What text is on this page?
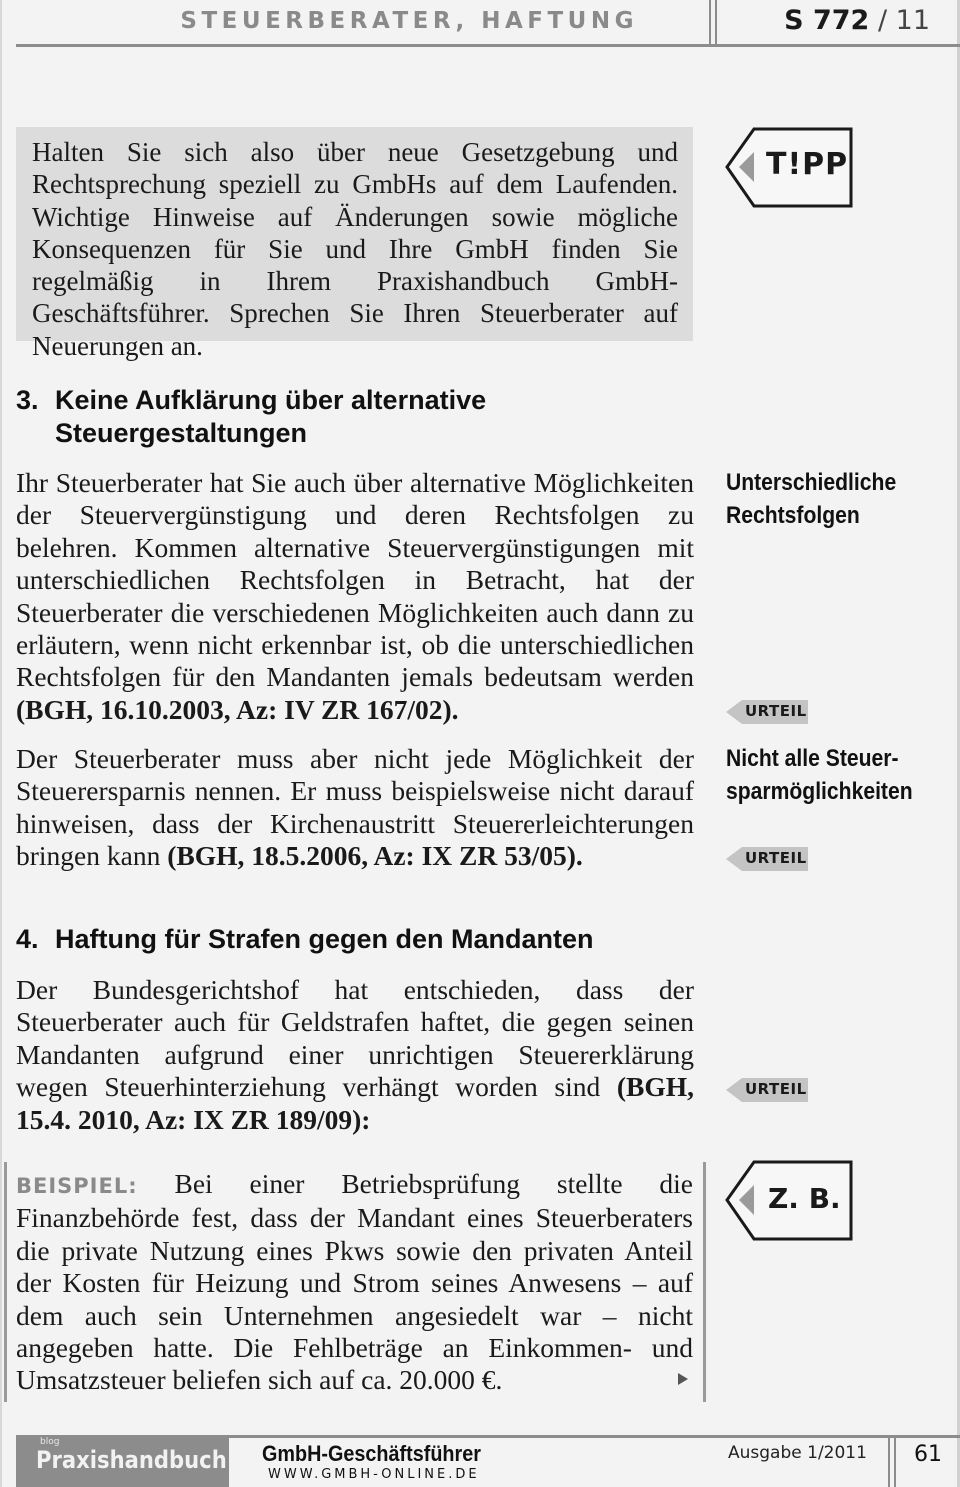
STEUERBERATER, HAFTUNG	S 772 / 11

Halten Sie sich also über neue Gesetzgebung und Rechtsprechung speziell zu GmbHs auf dem Laufenden. Wichtige Hinweise auf Änderungen sowie mögliche Konsequenzen für Sie und Ihre GmbH finden Sie regelmäßig in Ihrem Praxishandbuch GmbH-Geschäftsführer. Sprechen Sie Ihren Steuerberater auf Neuerungen an.

T!PP
3. Keine Aufklärung über alternative
Steuergestaltungen

Ihr Steuerberater hat Sie auch über alternative Möglichkeiten der Steuervergünstigung und deren Rechtsfolgen zu belehren. Kommen alternative Steuervergünstigungen mit unterschiedlichen Rechtsfolgen in Betracht, hat der Steuerberater die verschiedenen Möglichkeiten auch dann zu erläutern, wenn nicht erkennbar ist, ob die unterschiedlichen Rechtsfolgen für den Mandanten jemals bedeutsam werden (BGH, 16.10.2003, Az: IV ZR 167/02).

Unterschiedliche
Rechtsfolgen
URTEIL

Der Steuerberater muss aber nicht jede Möglichkeit der Steuerersparnis nennen. Er muss beispielsweise nicht darauf hinweisen, dass der Kirchenaustritt Steuererleichterungen bringen kann (BGH, 18.5.2006, Az: IX ZR 53/05).

Nicht alle Steuer-
sparmöglichkeiten
URTEIL
4. Haftung für Strafen gegen den Mandanten

Der Bundesgerichtshof hat entschieden, dass der Steuerberater auch für Geldstrafen haftet, die gegen seinen Mandanten aufgrund einer unrichtigen Steuererklärung wegen Steuerhinterziehung verhängt worden sind (BGH, 15.4. 2010, Az: IX ZR 189/09):

URTEIL

BEISPIEL: Bei einer Betriebsprüfung stellte die Finanzbehörde fest, dass der Mandant eines Steuerberaters die private Nutzung eines Pkws sowie den privaten Anteil der Kosten für Heizung und Strom seines Anwesens – auf dem auch sein Unternehmen angesiedelt war – nicht angegeben hatte. Die Fehlbeträge an Einkommen- und Umsatzsteuer beliefen sich auf ca. 20.000 €.

Z. B.
blog
Praxishandbuch GmbH-Geschäftsführer
WWW.GMBH-ONLINE.DE
Ausgabe 1/2011 61
